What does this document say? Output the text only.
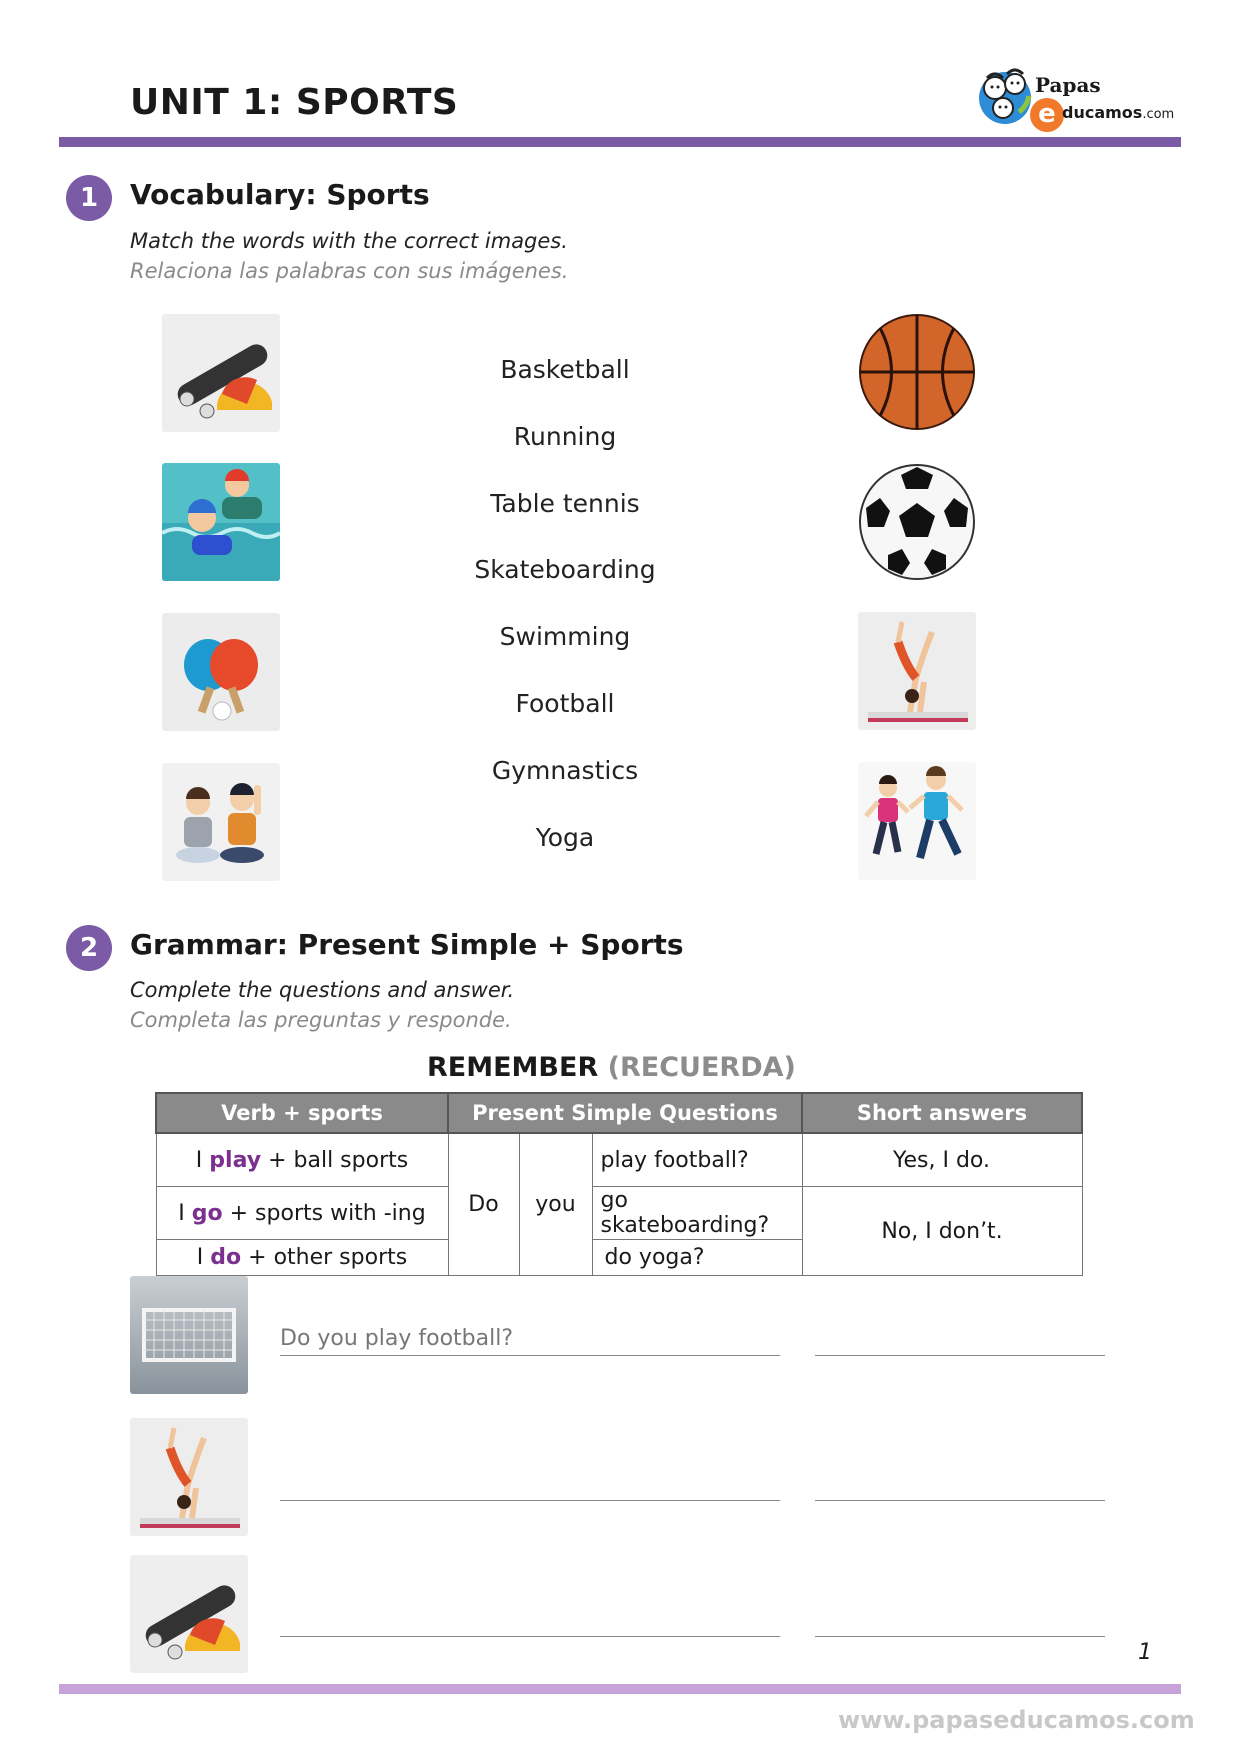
UNIT 1: SPORTS	Papas
e ducamos.com
1	Vocabulary: Sports
Match the words with the correct images.
Relaciona las palabras con sus imágenes.
Basketball
Running
Table tennis
Skateboarding
Swimming
Football
Gymnastics
Yoga
2	Grammar: Present Simple + Sports
Complete the questions and answer.
Completa las preguntas y responde.
REMEMBER (RECUERDA)
Verb + sports	Present Simple Questions			Short answers
I play + ball sports	Do	you	play football?	Yes, I do.
I go + sports with -ing			go skateboarding?	No, I don’t.
I do + other sports			do yoga?	
Do you play football?
1
www.papaseducamos.com
